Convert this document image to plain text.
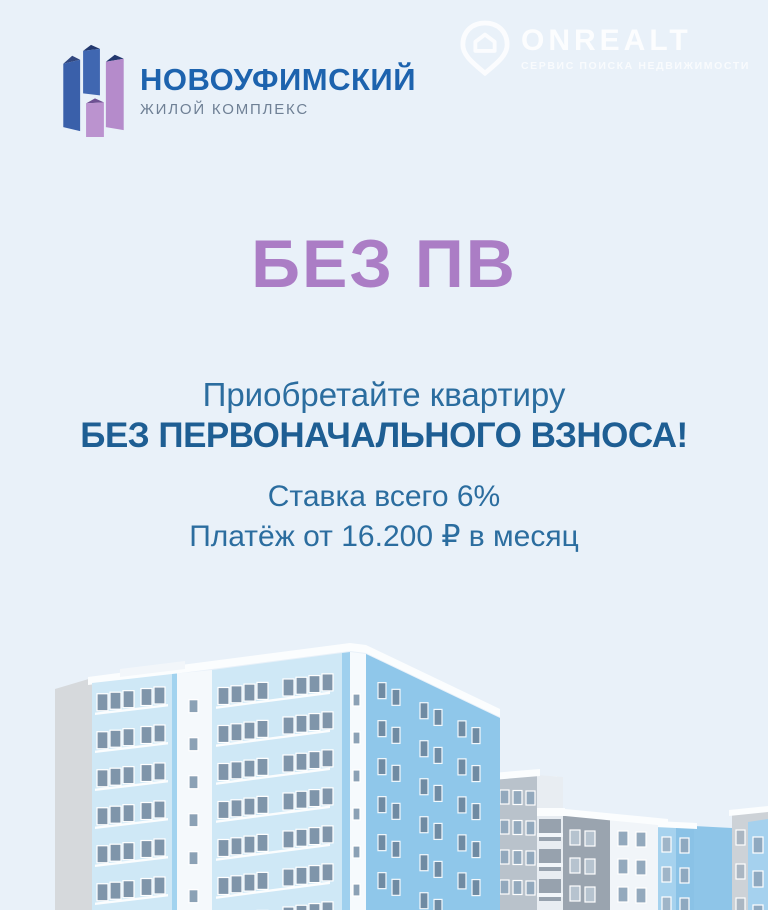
НОВОУФИМСКИЙ
ЖИЛОЙ КОМПЛЕКС
ONREALT
СЕРВИС ПОИСКА НЕДВИЖИМОСТИ
БЕЗ ПВ
Приобретайте квартиру
БЕЗ ПЕРВОНАЧАЛЬНОГО ВЗНОСА!
Ставка всего 6%
Платёж от 16.200 ₽ в месяц
